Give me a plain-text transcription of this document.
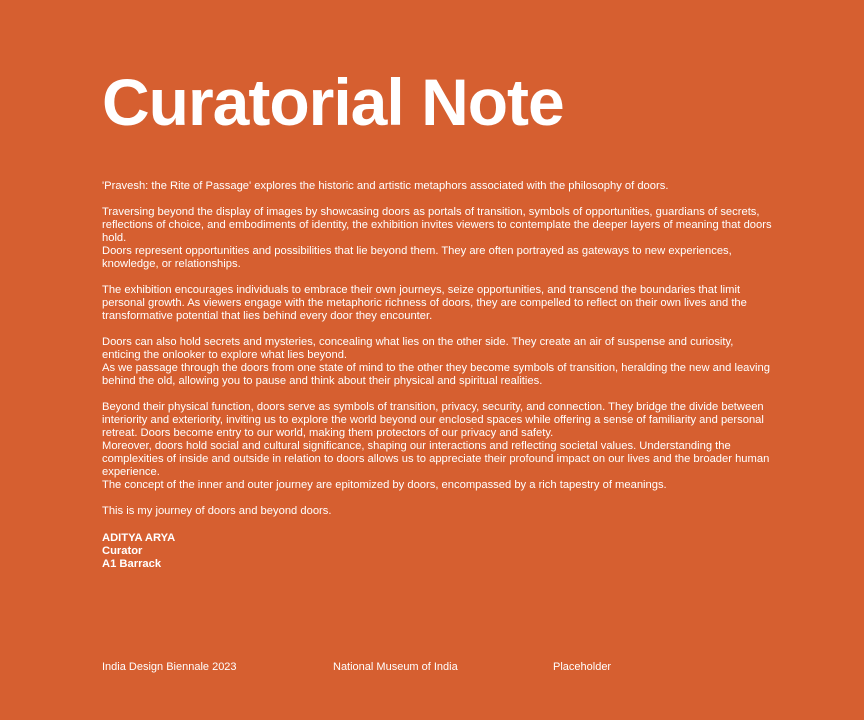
Curatorial Note

'Pravesh: the Rite of Passage' explores the historic and artistic metaphors associated with the philosophy of doors.

Traversing beyond the display of images by showcasing doors as portals of transition, symbols of opportunities, guardians of secrets, reflections of choice, and embodiments of identity, the exhibition invites viewers to contemplate the deeper layers of meaning that doors hold.

Doors represent opportunities and possibilities that lie beyond them. They are often portrayed as gateways to new experiences, knowledge, or relationships.

The exhibition encourages individuals to embrace their own journeys, seize opportunities, and transcend the boundaries that limit personal growth. As viewers engage with the metaphoric richness of doors, they are compelled to reflect on their own lives and the transformative potential that lies behind every door they encounter.

Doors can also hold secrets and mysteries, concealing what lies on the other side. They create an air of suspense and curiosity, enticing the onlooker to explore what lies beyond.

As we passage through the doors from one state of mind to the other they become symbols of transition, heralding the new and leaving behind the old, allowing you to pause and think about their physical and spiritual realities.

Beyond their physical function, doors serve as symbols of transition, privacy, security, and connection. They bridge the divide between interiority and exteriority, inviting us to explore the world beyond our enclosed spaces while offering a sense of familiarity and personal retreat. Doors become entry to our world, making them protectors of our privacy and safety.

Moreover, doors hold social and cultural significance, shaping our interactions and reflecting societal values. Understanding the complexities of inside and outside in relation to doors allows us to appreciate their profound impact on our lives and the broader human experience.

The concept of the inner and outer journey are epitomized by doors, encompassed by a rich tapestry of meanings.

This is my journey of doors and beyond doors.

ADITYA ARYA
Curator
A1 Barrack
India Design Biennale 2023	National Museum of India	Placeholder
